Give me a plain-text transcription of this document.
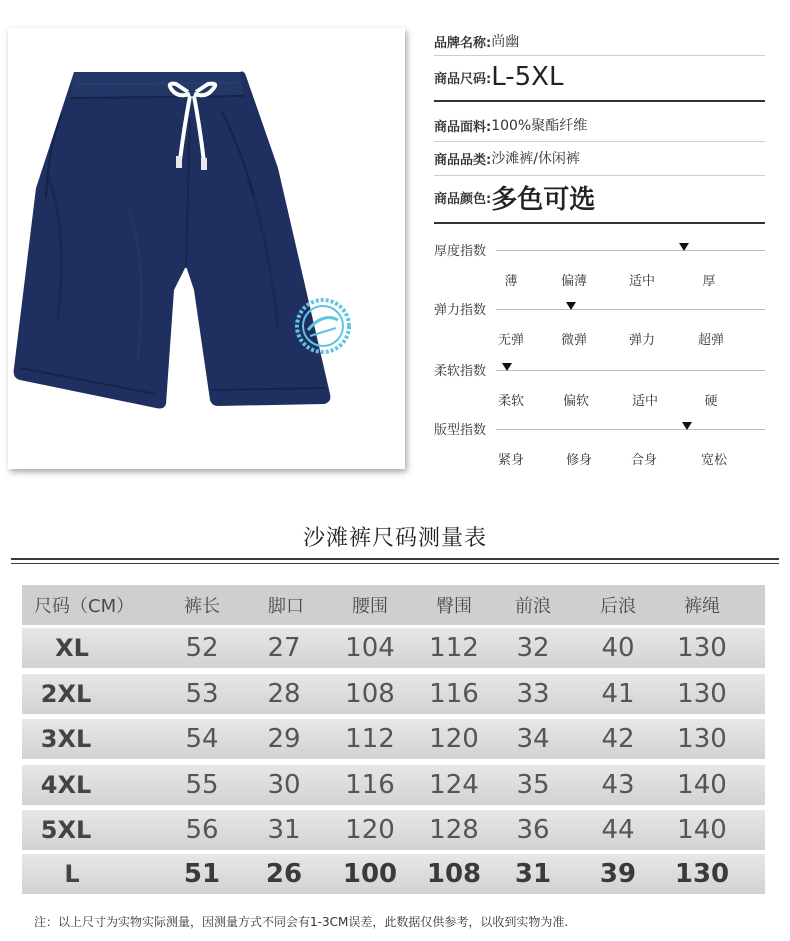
品牌名称: 尚幽
商品尺码: L-5XL
商品面料: 100%聚酯纤维
商品品类: 沙滩裤/休闲裤
商品颜色: 多色可选
厚度指数
薄	偏薄	适中	厚
弹力指数
无弹	微弹	弹力	超弹
柔软指数
柔软	偏软	适中	硬
版型指数
紧身	修身	合身	宽松
沙滩裤尺码测量表
尺码（CM）	裤长	脚口	腰围	臀围 前浪	后浪	裤绳
XL	52 27 104 112 32 40 130
2XL	53 28 108 116 33 41 130
3XL	54 29 112 120 34 42 130
4XL	55 30 116 124 35 43 140
5XL	56 31 120 128 36 44 140
L	51 26 100 108 31 39 130
注：以上尺寸为实物实际测量，因测量方式不同会有1-3CM误差，此数据仅供参考，以收到实物为准.
